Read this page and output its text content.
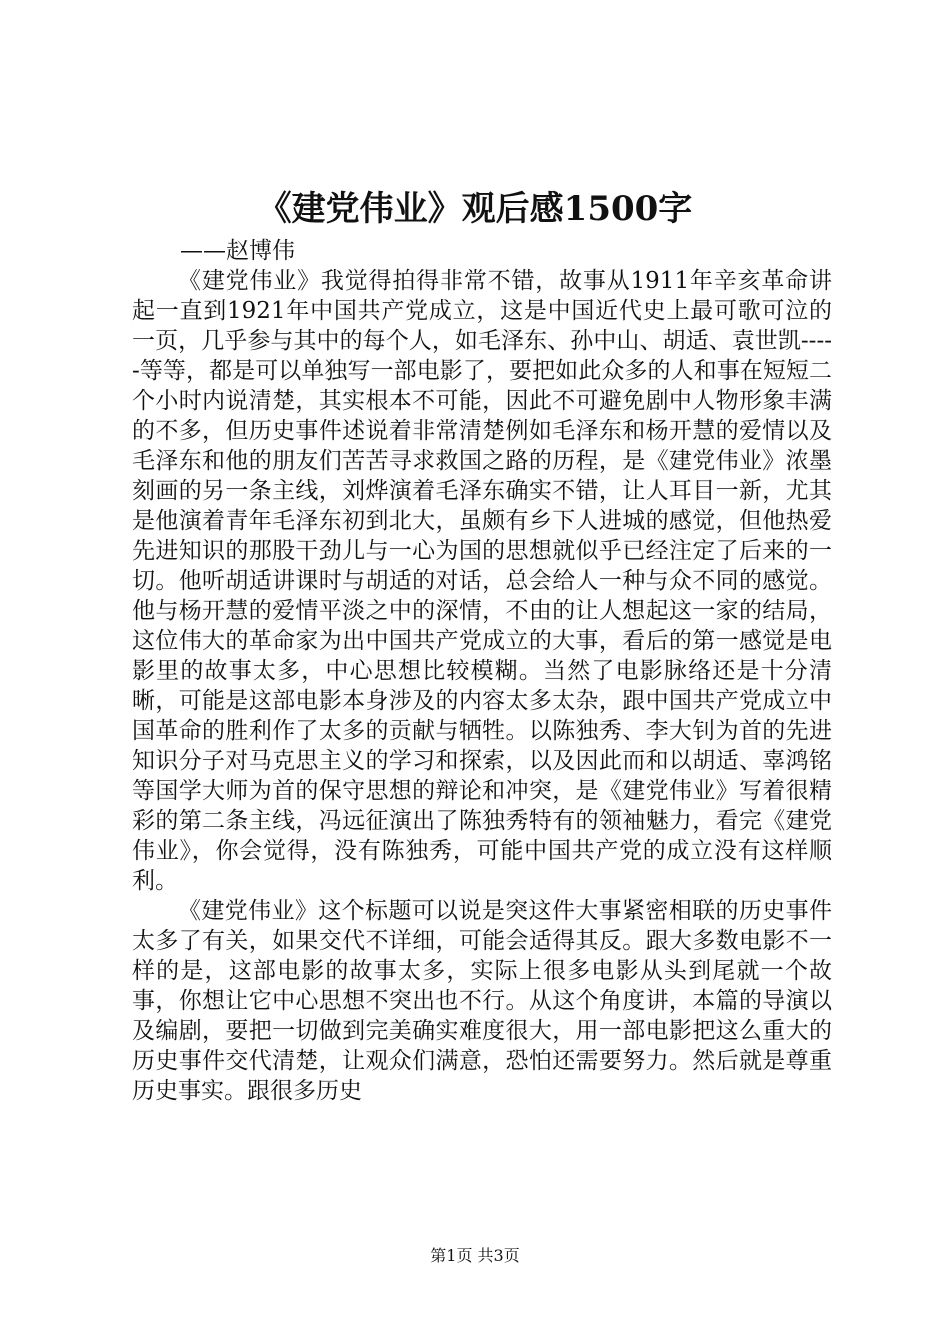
《建党伟业》观后感1500字

——赵博伟

《建党伟业》我觉得拍得非常不错，故事从1911年辛亥革命讲起一直到1921年中国共产党成立，这是中国近代史上最可歌可泣的一页，几乎参与其中的每个人，如毛泽东、孙中山、胡适、袁世凯-----等等，都是可以单独写一部电影了，要把如此众多的人和事在短短二个小时内说清楚，其实根本不可能，因此不可避免剧中人物形象丰满的不多，但历史事件述说着非常清楚例如毛泽东和杨开慧的爱情以及毛泽东和他的朋友们苦苦寻求救国之路的历程，是《建党伟业》浓墨刻画的另一条主线，刘烨演着毛泽东确实不错，让人耳目一新，尤其是他演着青年毛泽东初到北大，虽颇有乡下人进城的感觉，但他热爱先进知识的那股干劲儿与一心为国的思想就似乎已经注定了后来的一切。他听胡适讲课时与胡适的对话，总会给人一种与众不同的感觉。他与杨开慧的爱情平淡之中的深情，不由的让人想起这一家的结局，这位伟大的革命家为出中国共产党成立的大事，看后的第一感觉是电影里的故事太多，中心思想比较模糊。当然了电影脉络还是十分清晰，可能是这部电影本身涉及的内容太多太杂，跟中国共产党成立中国革命的胜利作了太多的贡献与牺牲。以陈独秀、李大钊为首的先进知识分子对马克思主义的学习和探索，以及因此而和以胡适、辜鸿铭等国学大师为首的保守思想的辩论和冲突，是《建党伟业》写着很精彩的第二条主线，冯远征演出了陈独秀特有的领袖魅力，看完《建党伟业》，你会觉得，没有陈独秀，可能中国共产党的成立没有这样顺利。

《建党伟业》这个标题可以说是突这件大事紧密相联的历史事件太多了有关，如果交代不详细，可能会适得其反。跟大多数电影不一样的是，这部电影的故事太多，实际上很多电影从头到尾就一个故事，你想让它中心思想不突出也不行。从这个角度讲，本篇的导演以及编剧，要把一切做到完美确实难度很大，用一部电影把这么重大的历史事件交代清楚，让观众们满意，恐怕还需要努力。然后就是尊重历史事实。跟很多历史

第1页 共3页
